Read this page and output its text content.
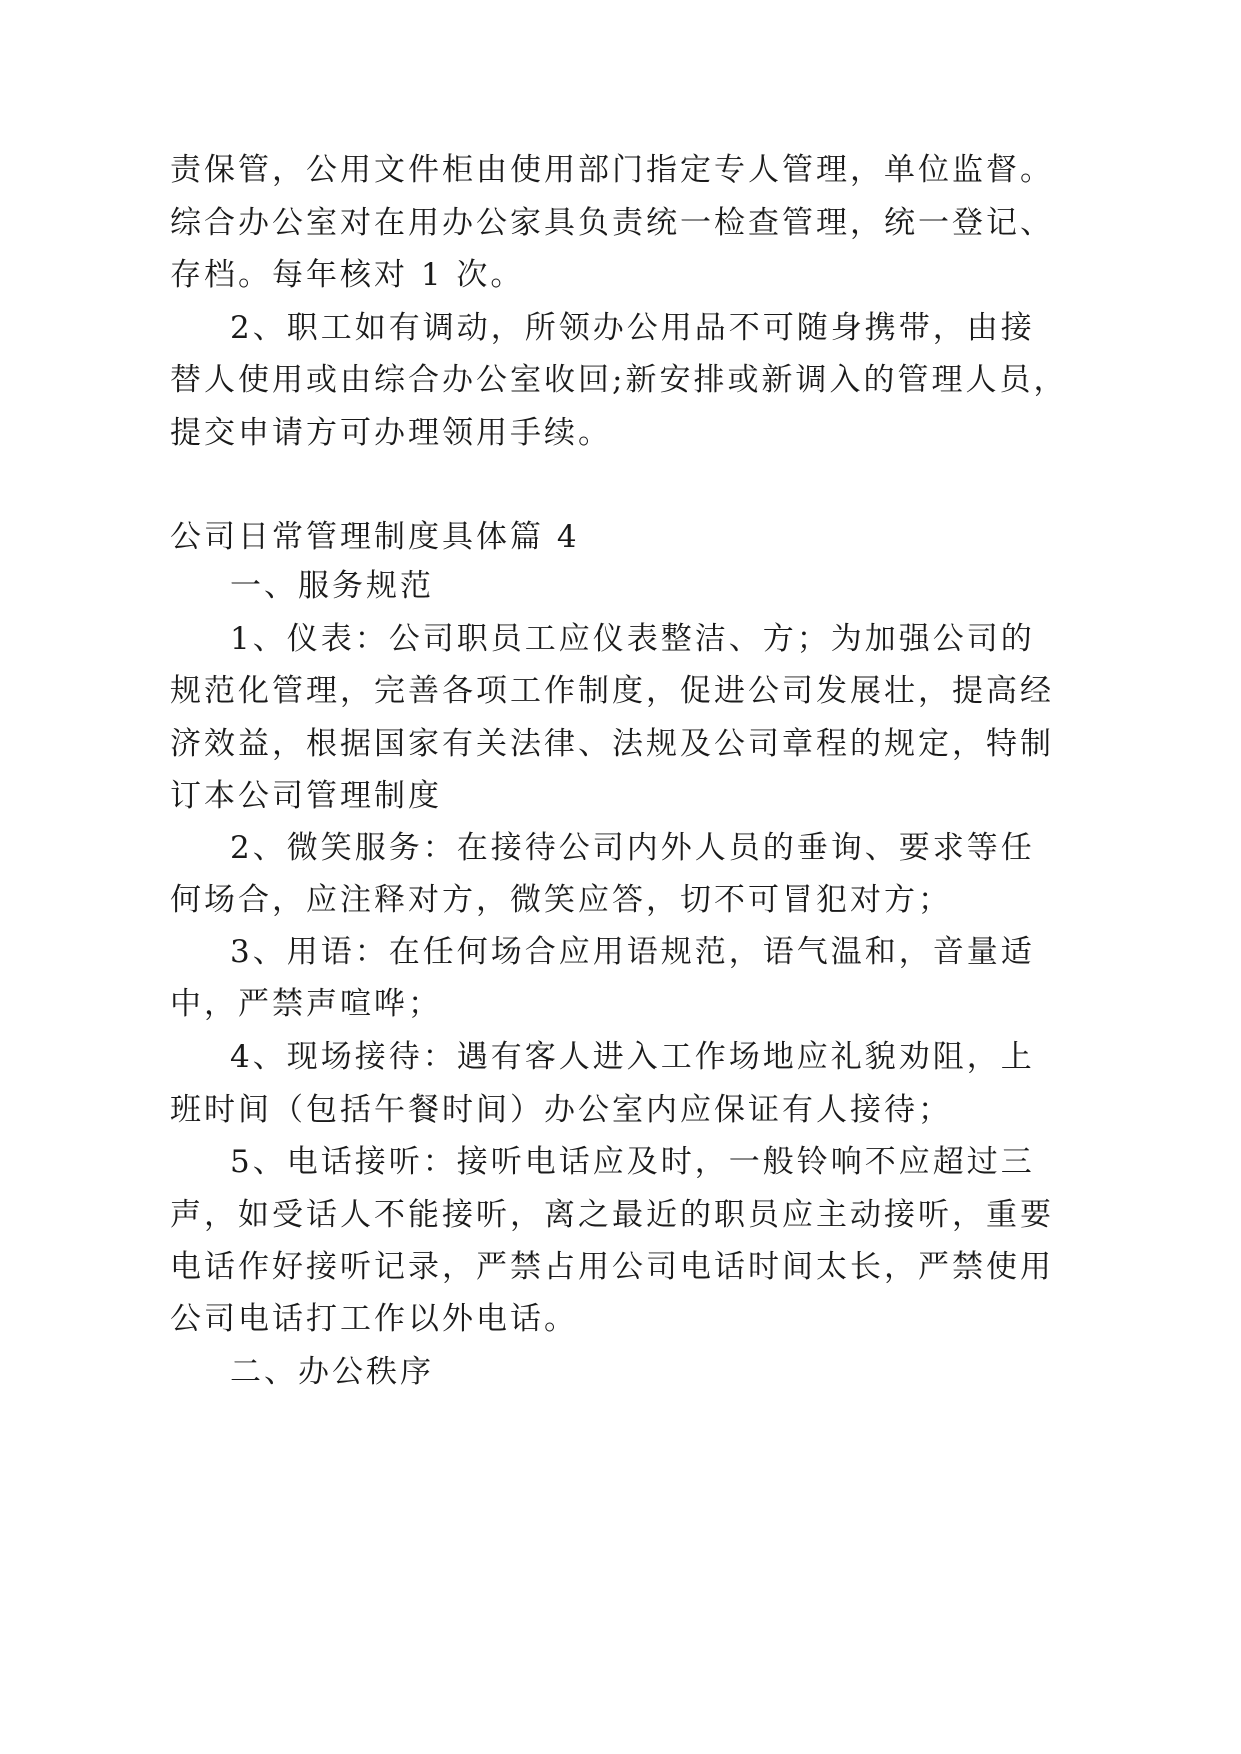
责保管，公用文件柜由使用部门指定专人管理，单位监督。
综合办公室对在用办公家具负责统一检查管理，统一登记、
存档。每年核对 1 次。
2、职工如有调动，所领办公用品不可随身携带，由接
替人使用或由综合办公室收回;新安排或新调入的管理人员，
提交申请方可办理领用手续。
公司日常管理制度具体篇 4
一、服务规范
1、仪表：公司职员工应仪表整洁、方；为加强公司的
规范化管理，完善各项工作制度，促进公司发展壮，提高经
济效益，根据国家有关法律、法规及公司章程的规定，特制
订本公司管理制度
2、微笑服务：在接待公司内外人员的垂询、要求等任
何场合，应注释对方，微笑应答，切不可冒犯对方；
3、用语：在任何场合应用语规范，语气温和，音量适
中，严禁声喧哗；
4、现场接待：遇有客人进入工作场地应礼貌劝阻，上
班时间（包括午餐时间）办公室内应保证有人接待；
5、电话接听：接听电话应及时，一般铃响不应超过三
声，如受话人不能接听，离之最近的职员应主动接听，重要
电话作好接听记录，严禁占用公司电话时间太长，严禁使用
公司电话打工作以外电话。
二、办公秩序
